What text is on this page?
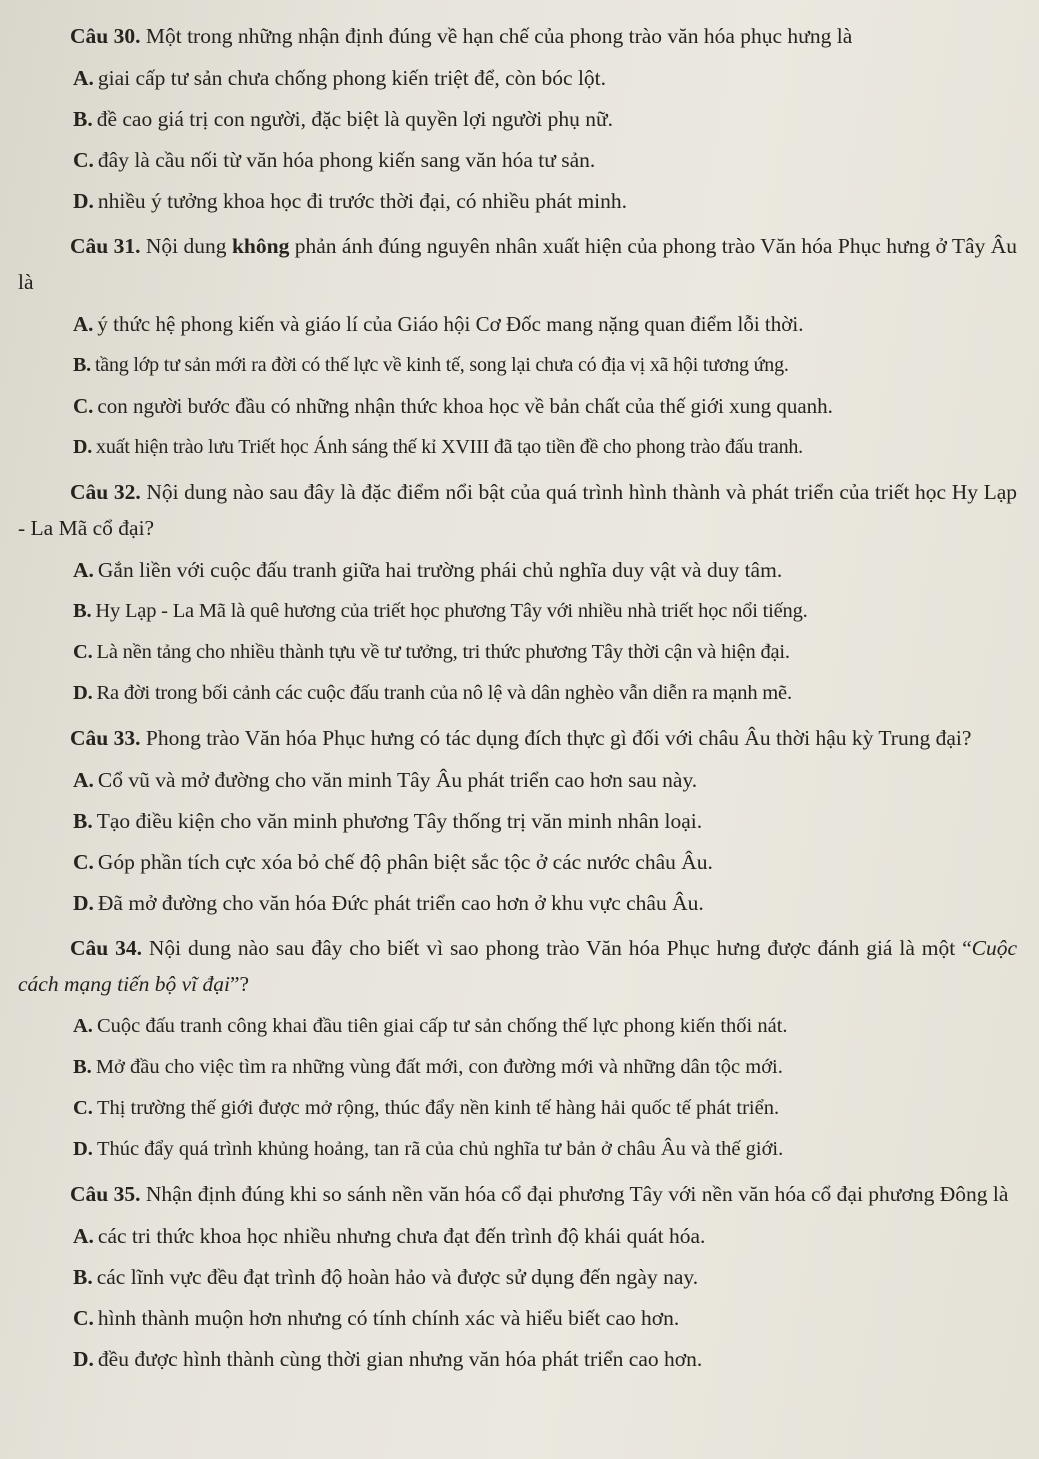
Câu 30. Một trong những nhận định đúng về hạn chế của phong trào văn hóa phục hưng là

A. giai cấp tư sản chưa chống phong kiến triệt để, còn bóc lột.
B. đề cao giá trị con người, đặc biệt là quyền lợi người phụ nữ.
C. đây là cầu nối từ văn hóa phong kiến sang văn hóa tư sản.
D. nhiều ý tưởng khoa học đi trước thời đại, có nhiều phát minh.

Câu 31. Nội dung không phản ánh đúng nguyên nhân xuất hiện của phong trào Văn hóa Phục hưng ở Tây Âu là

A. ý thức hệ phong kiến và giáo lí của Giáo hội Cơ Đốc mang nặng quan điểm lỗi thời.
B. tầng lớp tư sản mới ra đời có thế lực về kinh tế, song lại chưa có địa vị xã hội tương ứng.
C. con người bước đầu có những nhận thức khoa học về bản chất của thế giới xung quanh.
D. xuất hiện trào lưu Triết học Ánh sáng thế kỉ XVIII đã tạo tiền đề cho phong trào đấu tranh.

Câu 32. Nội dung nào sau đây là đặc điểm nổi bật của quá trình hình thành và phát triển của triết học Hy Lạp - La Mã cổ đại?

A. Gắn liền với cuộc đấu tranh giữa hai trường phái chủ nghĩa duy vật và duy tâm.
B. Hy Lạp - La Mã là quê hương của triết học phương Tây với nhiều nhà triết học nổi tiếng.
C. Là nền tảng cho nhiều thành tựu về tư tưởng, tri thức phương Tây thời cận và hiện đại.
D. Ra đời trong bối cảnh các cuộc đấu tranh của nô lệ và dân nghèo vẫn diễn ra mạnh mẽ.

Câu 33. Phong trào Văn hóa Phục hưng có tác dụng đích thực gì đối với châu Âu thời hậu kỳ Trung đại?

A. Cổ vũ và mở đường cho văn minh Tây Âu phát triển cao hơn sau này.
B. Tạo điều kiện cho văn minh phương Tây thống trị văn minh nhân loại.
C. Góp phần tích cực xóa bỏ chế độ phân biệt sắc tộc ở các nước châu Âu.
D. Đã mở đường cho văn hóa Đức phát triển cao hơn ở khu vực châu Âu.

Câu 34. Nội dung nào sau đây cho biết vì sao phong trào Văn hóa Phục hưng được đánh giá là một “Cuộc cách mạng tiến bộ vĩ đại”?

A. Cuộc đấu tranh công khai đầu tiên giai cấp tư sản chống thế lực phong kiến thối nát.
B. Mở đầu cho việc tìm ra những vùng đất mới, con đường mới và những dân tộc mới.
C. Thị trường thế giới được mở rộng, thúc đẩy nền kinh tế hàng hải quốc tế phát triển.
D. Thúc đẩy quá trình khủng hoảng, tan rã của chủ nghĩa tư bản ở châu Âu và thế giới.

Câu 35. Nhận định đúng khi so sánh nền văn hóa cổ đại phương Tây với nền văn hóa cổ đại phương Đông là

A. các tri thức khoa học nhiều nhưng chưa đạt đến trình độ khái quát hóa.
B. các lĩnh vực đều đạt trình độ hoàn hảo và được sử dụng đến ngày nay.
C. hình thành muộn hơn nhưng có tính chính xác và hiểu biết cao hơn.
D. đều được hình thành cùng thời gian nhưng văn hóa phát triển cao hơn.
